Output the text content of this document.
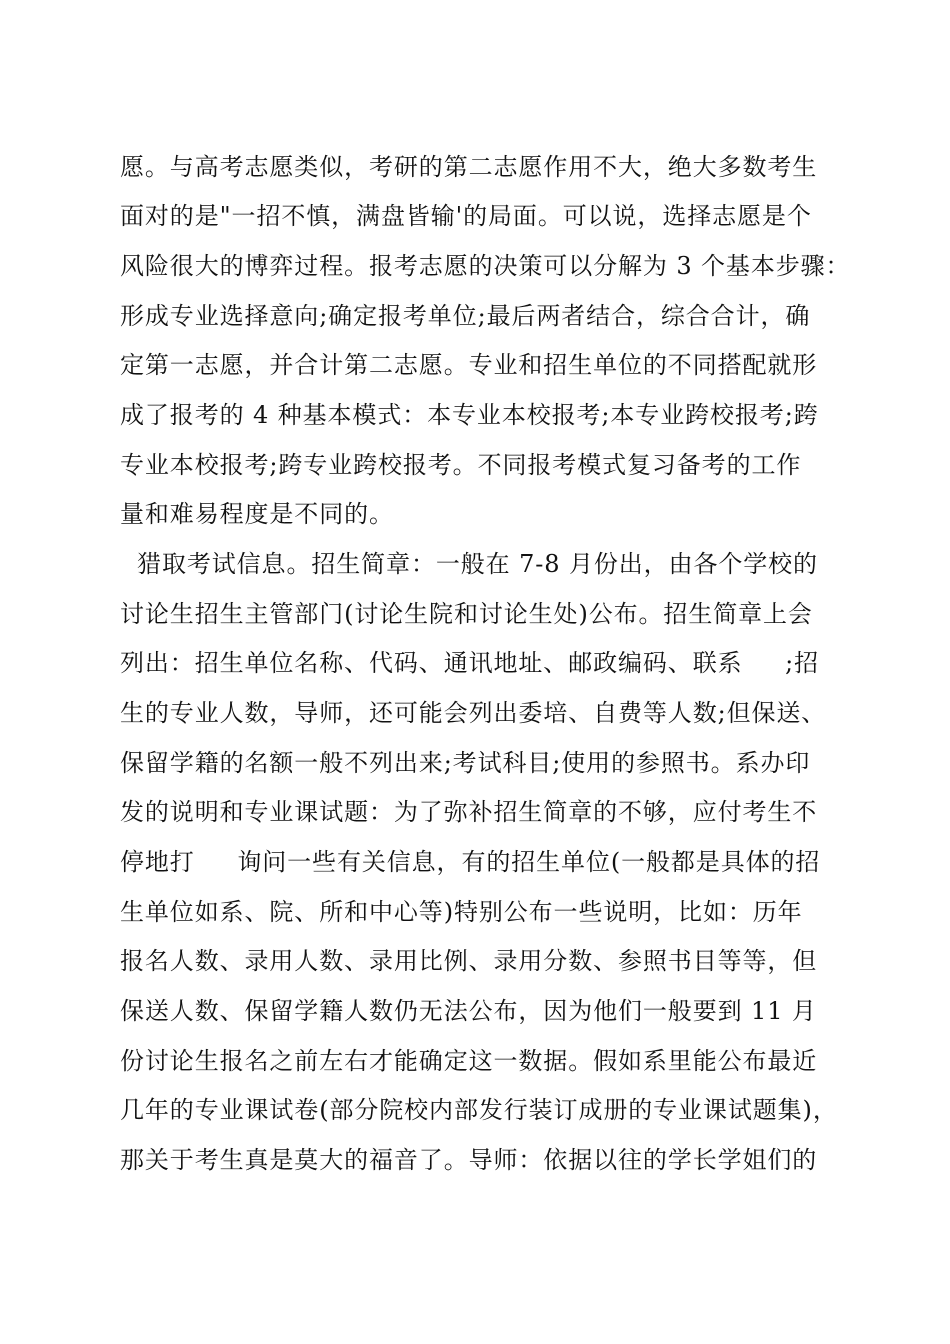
愿。与高考志愿类似，考研的第二志愿作用不大，绝大多数考生
面对的是"一招不慎，满盘皆输'的局面。可以说，选择志愿是个
风险很大的博弈过程。报考志愿的决策可以分解为 3 个基本步骤：
形成专业选择意向;确定报考单位;最后两者结合，综合合计，确
定第一志愿，并合计第二志愿。专业和招生单位的不同搭配就形
成了报考的 4 种基本模式：本专业本校报考;本专业跨校报考;跨
专业本校报考;跨专业跨校报考。不同报考模式复习备考的工作
量和难易程度是不同的。
猎取考试信息。招生简章：一般在 7-8 月份出，由各个学校的
讨论生招生主管部门(讨论生院和讨论生处)公布。招生简章上会
列出：招生单位名称、代码、通讯地址、邮政编码、联系     ;招
生的专业人数，导师，还可能会列出委培、自费等人数;但保送、
保留学籍的名额一般不列出来;考试科目;使用的参照书。系办印
发的说明和专业课试题：为了弥补招生简章的不够，应付考生不
停地打     询问一些有关信息，有的招生单位(一般都是具体的招
生单位如系、院、所和中心等)特别公布一些说明，比如：历年
报名人数、录用人数、录用比例、录用分数、参照书目等等，但
保送人数、保留学籍人数仍无法公布，因为他们一般要到 11 月
份讨论生报名之前左右才能确定这一数据。假如系里能公布最近
几年的专业课试卷(部分院校内部发行装订成册的专业课试题集)，
那关于考生真是莫大的福音了。导师：依据以往的学长学姐们的
